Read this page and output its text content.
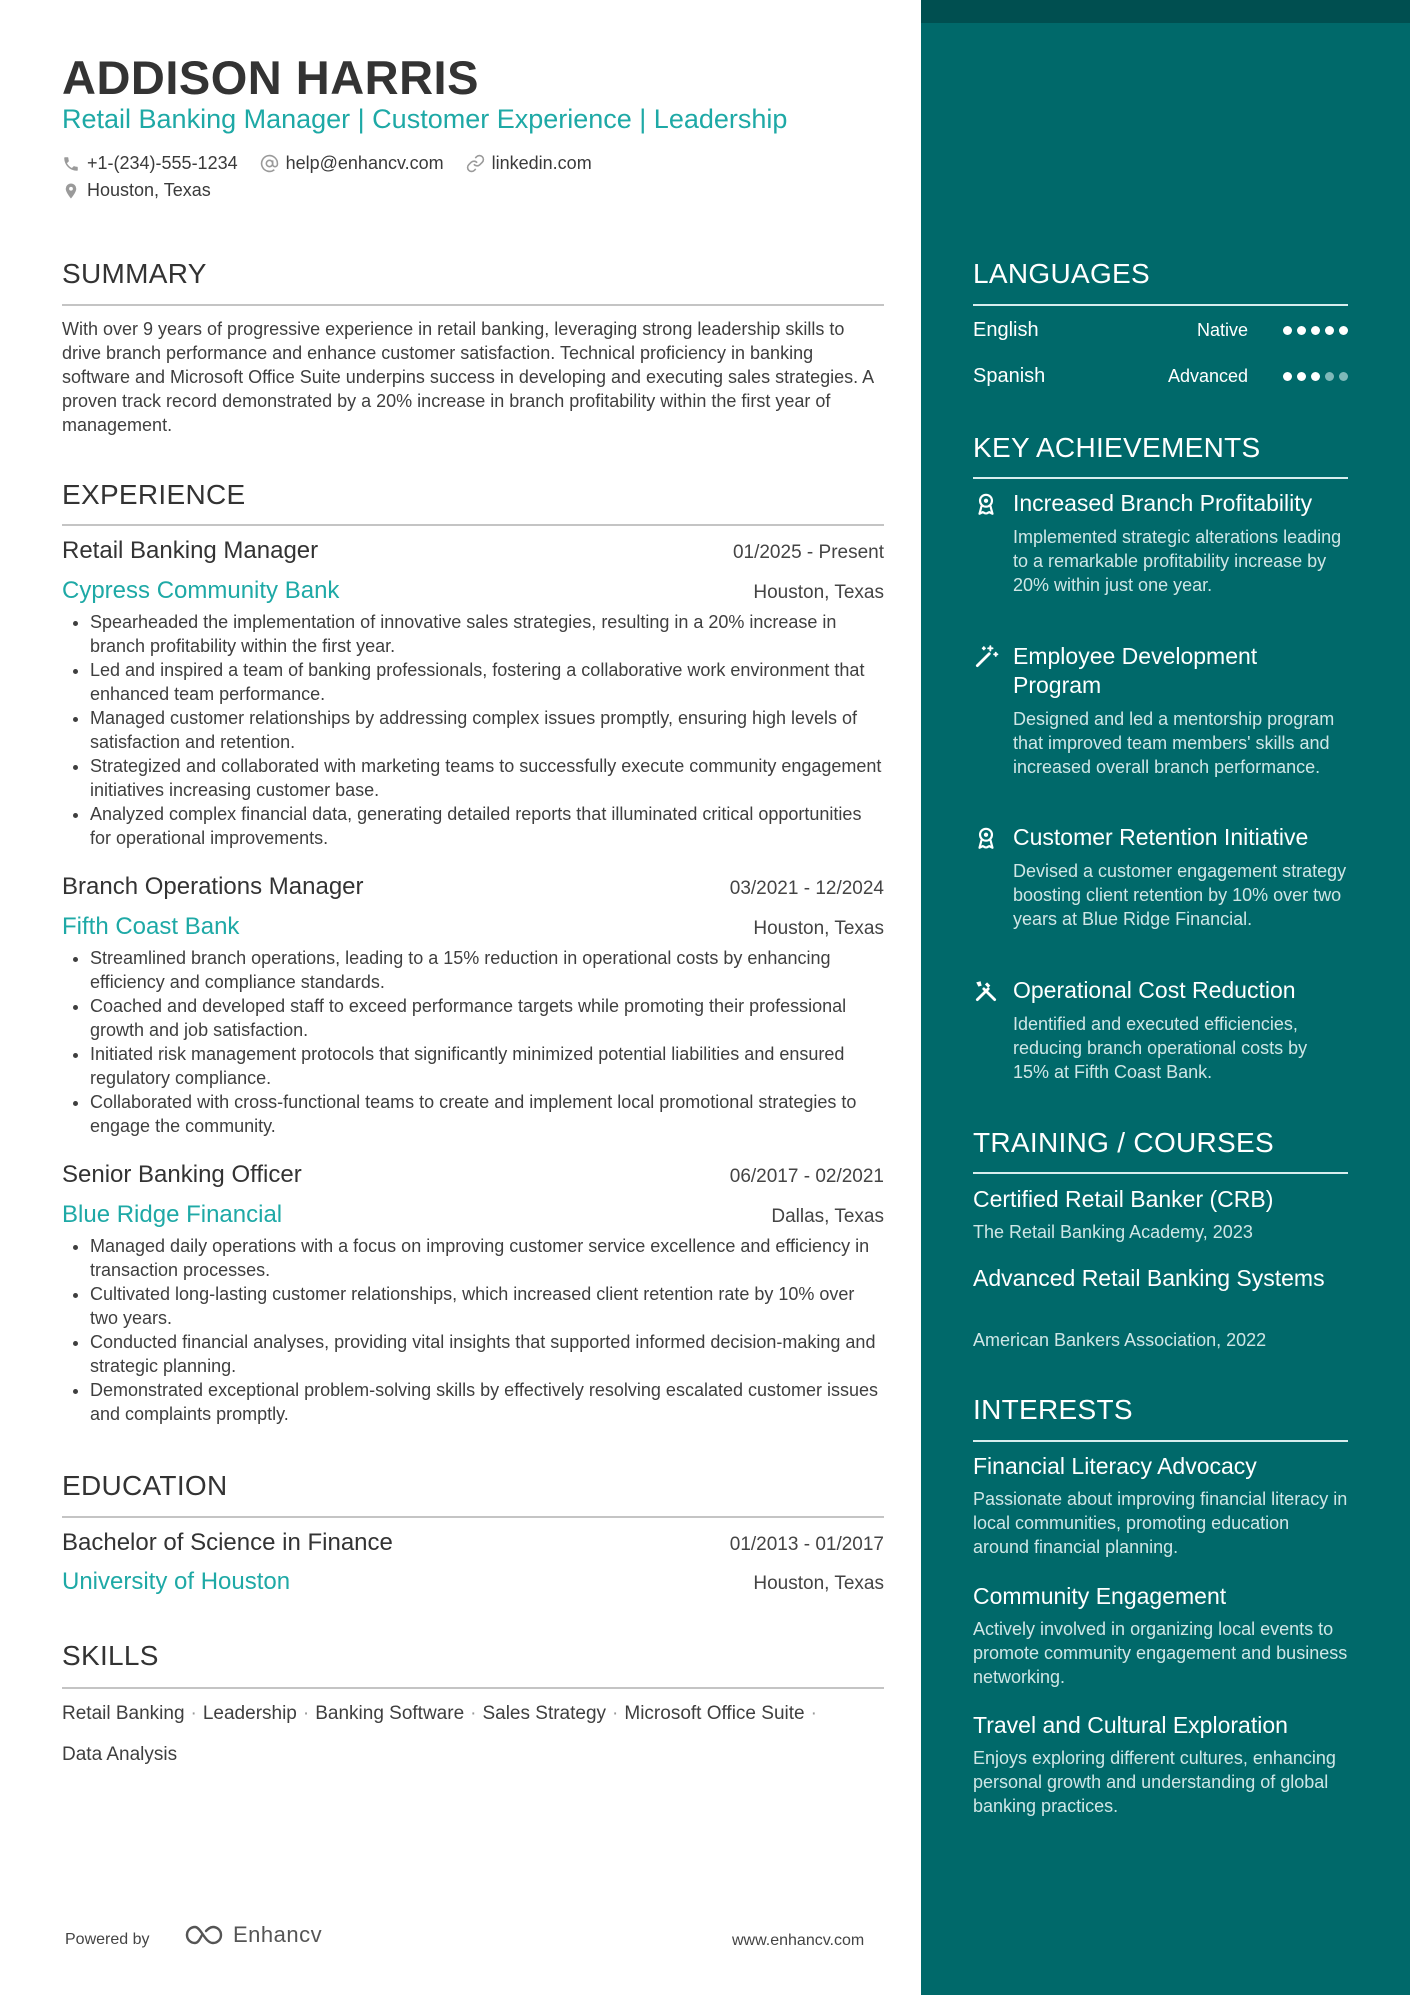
ADDISON HARRIS
Retail Banking Manager | Customer Experience | Leadership
+1-(234)-555-1234	help@enhancv.com	linkedin.com
Houston, Texas
SUMMARY

With over 9 years of progressive experience in retail banking, leveraging strong leadership skills to drive branch performance and enhance customer satisfaction. Technical proficiency in banking software and Microsoft Office Suite underpins success in developing and executing sales strategies. A proven track record demonstrated by a 20% increase in branch profitability within the first year of management.

EXPERIENCE
Retail Banking Manager	01/2025 - Present
Cypress Community Bank	Houston, Texas
• Spearheaded the implementation of innovative sales strategies, resulting in a 20% increase in branch profitability within the first year.
• Led and inspired a team of banking professionals, fostering a collaborative work environment that enhanced team performance.
• Managed customer relationships by addressing complex issues promptly, ensuring high levels of satisfaction and retention.
• Strategized and collaborated with marketing teams to successfully execute community engagement initiatives increasing customer base.
• Analyzed complex financial data, generating detailed reports that illuminated critical opportunities for operational improvements.
Branch Operations Manager	03/2021 - 12/2024
Fifth Coast Bank	Houston, Texas
• Streamlined branch operations, leading to a 15% reduction in operational costs by enhancing efficiency and compliance standards.
• Coached and developed staff to exceed performance targets while promoting their professional growth and job satisfaction.
• Initiated risk management protocols that significantly minimized potential liabilities and ensured regulatory compliance.
• Collaborated with cross-functional teams to create and implement local promotional strategies to engage the community.
Senior Banking Officer	06/2017 - 02/2021
Blue Ridge Financial	Dallas, Texas
• Managed daily operations with a focus on improving customer service excellence and efficiency in transaction processes.
• Cultivated long-lasting customer relationships, which increased client retention rate by 10% over two years.
• Conducted financial analyses, providing vital insights that supported informed decision-making and strategic planning.
• Demonstrated exceptional problem-solving skills by effectively resolving escalated customer issues and complaints promptly.
EDUCATION
Bachelor of Science in Finance	01/2013 - 01/2017
University of Houston	Houston, Texas
SKILLS
Retail Banking · Leadership · Banking Software · Sales Strategy · Microsoft Office Suite ·
Data Analysis
Powered by	Enhancv	www.enhancv.com
LANGUAGES
English	Native
Spanish	Advanced
KEY ACHIEVEMENTS
Increased Branch Profitability
Implemented strategic alterations leading to a remarkable profitability increase by 20% within just one year.
Employee Development Program
Designed and led a mentorship program that improved team members' skills and increased overall branch performance.
Customer Retention Initiative
Devised a customer engagement strategy boosting client retention by 10% over two years at Blue Ridge Financial.
Operational Cost Reduction
Identified and executed efficiencies, reducing branch operational costs by 15% at Fifth Coast Bank.
TRAINING / COURSES
Certified Retail Banker (CRB)
The Retail Banking Academy, 2023
Advanced Retail Banking Systems
American Bankers Association, 2022
INTERESTS
Financial Literacy Advocacy
Passionate about improving financial literacy in local communities, promoting education around financial planning.
Community Engagement
Actively involved in organizing local events to promote community engagement and business networking.
Travel and Cultural Exploration
Enjoys exploring different cultures, enhancing personal growth and understanding of global banking practices.
